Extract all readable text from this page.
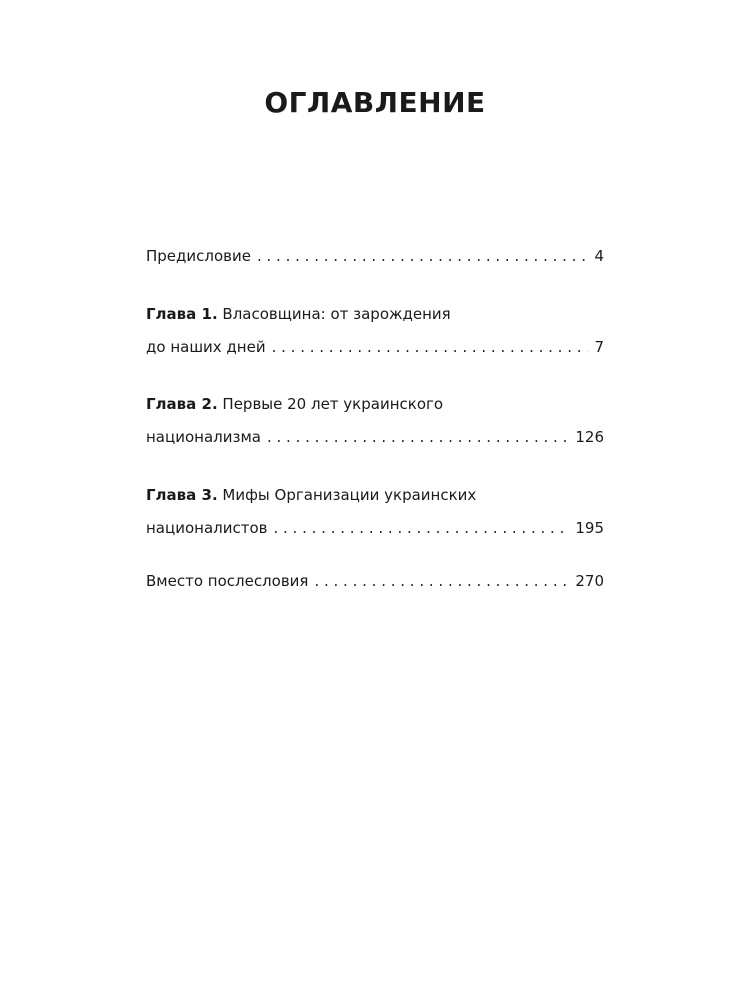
ОГЛАВЛЕНИЕ
Предисловие . . .	4
Глава 1. Власовщина: от зарождения
до наших дней . . .	7
Глава 2. Первые 20 лет украинского
национализма . . .	126
Глава 3. Мифы Организации украинских
националистов . . .	195
Вместо послесловия . . .	270
